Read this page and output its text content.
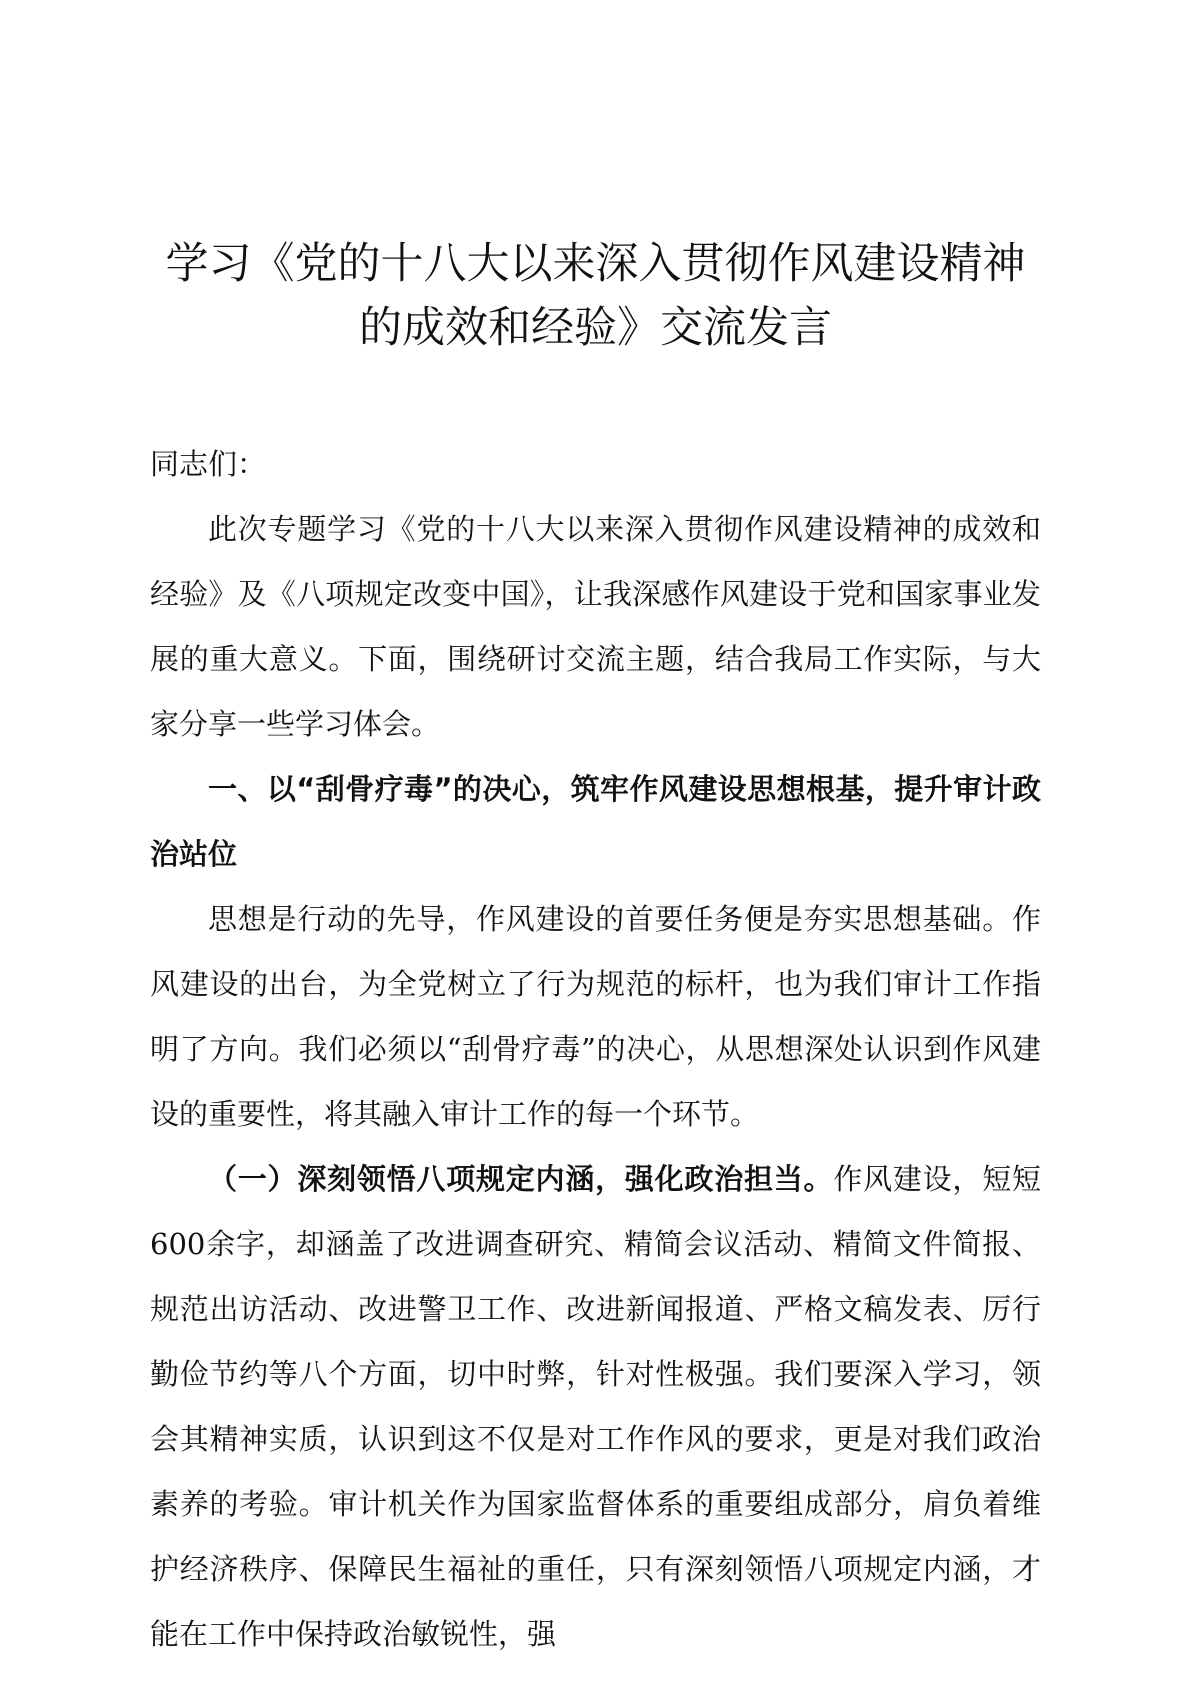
学习《党的十八大以来深入贯彻作风建设精神
的成效和经验》交流发言

同志们：

此次专题学习《党的十八大以来深入贯彻作风建设精神的成效和经验》及《八项规定改变中国》，让我深感作风建设于党和国家事业发展的重大意义。下面，围绕研讨交流主题，结合我局工作实际，与大家分享一些学习体会。

一、以“刮骨疗毒”的决心，筑牢作风建设思想根基，提升审计政治站位

思想是行动的先导，作风建设的首要任务便是夯实思想基础。作风建设的出台，为全党树立了行为规范的标杆，也为我们审计工作指明了方向。我们必须以“刮骨疗毒”的决心，从思想深处认识到作风建设的重要性，将其融入审计工作的每一个环节。

（一）深刻领悟八项规定内涵，强化政治担当。作风建设，短短600余字，却涵盖了改进调查研究、精简会议活动、精简文件简报、规范出访活动、改进警卫工作、改进新闻报道、严格文稿发表、厉行勤俭节约等八个方面，切中时弊，针对性极强。我们要深入学习，领会其精神实质，认识到这不仅是对工作作风的要求，更是对我们政治素养的考验。审计机关作为国家监督体系的重要组成部分，肩负着维护经济秩序、保障民生福祉的重任，只有深刻领悟八项规定内涵，才能在工作中保持政治敏锐性，强
